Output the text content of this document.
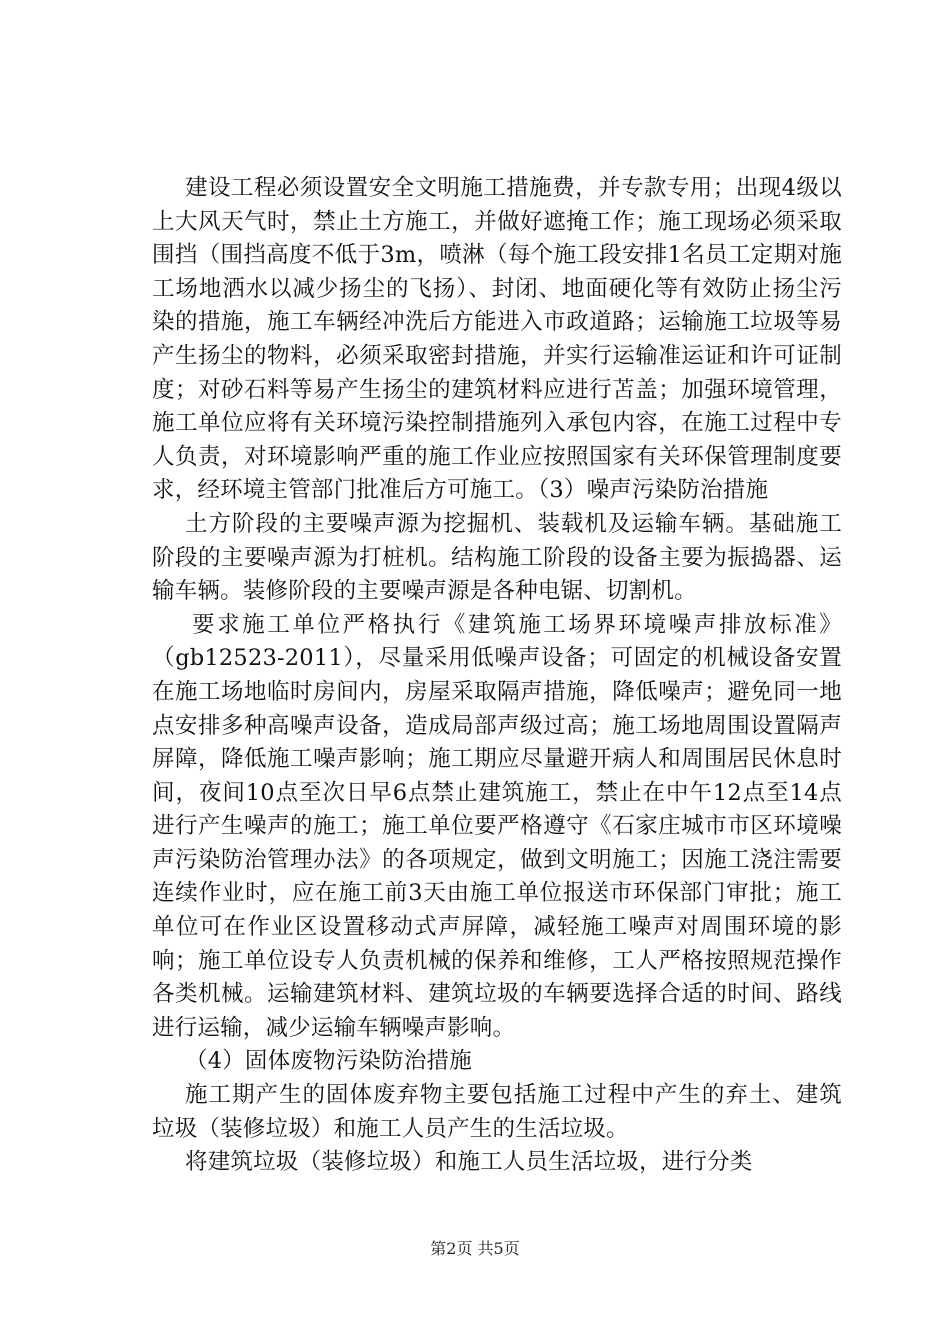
建设工程必须设置安全文明施工措施费，并专款专用；出现4级以上大风天气时，禁止土方施工，并做好遮掩工作；施工现场必须采取围挡（围挡高度不低于3m，喷淋（每个施工段安排1名员工定期对施工场地洒水以减少扬尘的飞扬）、封闭、地面硬化等有效防止扬尘污染的措施，施工车辆经冲洗后方能进入市政道路；运输施工垃圾等易产生扬尘的物料，必须采取密封措施，并实行运输准运证和许可证制度；对砂石料等易产生扬尘的建筑材料应进行苫盖；加强环境管理，施工单位应将有关环境污染控制措施列入承包内容，在施工过程中专人负责，对环境影响严重的施工作业应按照国家有关环保管理制度要求，经环境主管部门批准后方可施工。（3）噪声污染防治措施

土方阶段的主要噪声源为挖掘机、装载机及运输车辆。基础施工阶段的主要噪声源为打桩机。结构施工阶段的设备主要为振捣器、运输车辆。装修阶段的主要噪声源是各种电锯、切割机。

要求施工单位严格执行《建筑施工场界环境噪声排放标准》（gb12523-2011），尽量采用低噪声设备；可固定的机械设备安置在施工场地临时房间内，房屋采取隔声措施，降低噪声；避免同一地点安排多种高噪声设备，造成局部声级过高；施工场地周围设置隔声屏障，降低施工噪声影响；施工期应尽量避开病人和周围居民休息时间，夜间10点至次日早6点禁止建筑施工，禁止在中午12点至14点进行产生噪声的施工；施工单位要严格遵守《石家庄城市市区环境噪声污染防治管理办法》的各项规定，做到文明施工；因施工浇注需要连续作业时，应在施工前3天由施工单位报送市环保部门审批；施工单位可在作业区设置移动式声屏障，减轻施工噪声对周围环境的影响；施工单位设专人负责机械的保养和维修，工人严格按照规范操作各类机械。运输建筑材料、建筑垃圾的车辆要选择合适的时间、路线进行运输，减少运输车辆噪声影响。

（4）固体废物污染防治措施

施工期产生的固体废弃物主要包括施工过程中产生的弃土、建筑垃圾（装修垃圾）和施工人员产生的生活垃圾。

将建筑垃圾（装修垃圾）和施工人员生活垃圾，进行分类

第2页 共5页
